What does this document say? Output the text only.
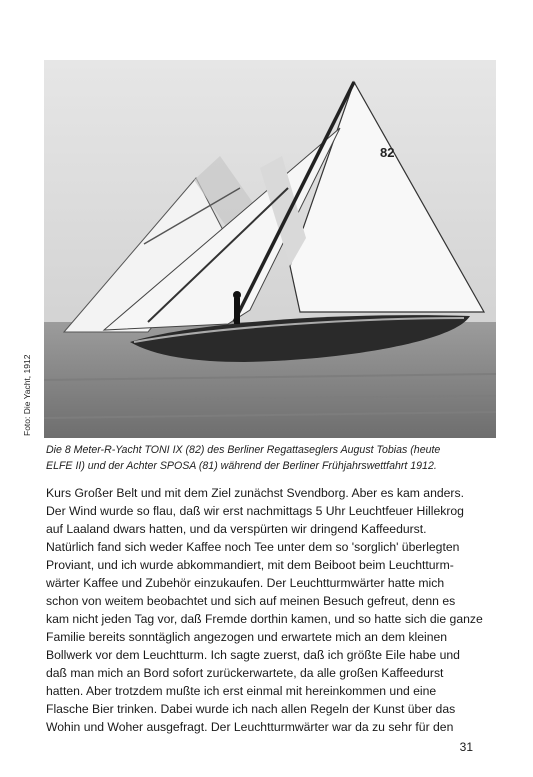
82
Foto: Die Yacht, 1912
Die 8 Meter-R-Yacht TONI IX (82) des Berliner Regattaseglers August Tobias (heute
ELFE II) und der Achter SPOSA (81) während der Berliner Frühjahrswettfahrt 1912.
Kurs Großer Belt und mit dem Ziel zunächst Svendborg. Aber es kam anders.
Der Wind wurde so flau, daß wir erst nachmittags 5 Uhr Leuchtfeuer Hillekrog
auf Laaland dwars hatten, und da verspürten wir dringend Kaffeedurst.
Natürlich fand sich weder Kaffee noch Tee unter dem so 'sorglich' überlegten
Proviant, und ich wurde abkommandiert, mit dem Beiboot beim Leuchtturm-
wärter Kaffee und Zubehör einzukaufen. Der Leuchtturmwärter hatte mich
schon von weitem beobachtet und sich auf meinen Besuch gefreut, denn es
kam nicht jeden Tag vor, daß Fremde dorthin kamen, und so hatte sich die ganze
Familie bereits sonntäglich angezogen und erwartete mich an dem kleinen
Bollwerk vor dem Leuchtturm. Ich sagte zuerst, daß ich größte Eile habe und
daß man mich an Bord sofort zurückerwartete, da alle großen Kaffeedurst
hatten. Aber trotzdem mußte ich erst einmal mit hereinkommen und eine
Flasche Bier trinken. Dabei wurde ich nach allen Regeln der Kunst über das
Wohin und Woher ausgefragt. Der Leuchtturmwärter war da zu sehr für den
31
